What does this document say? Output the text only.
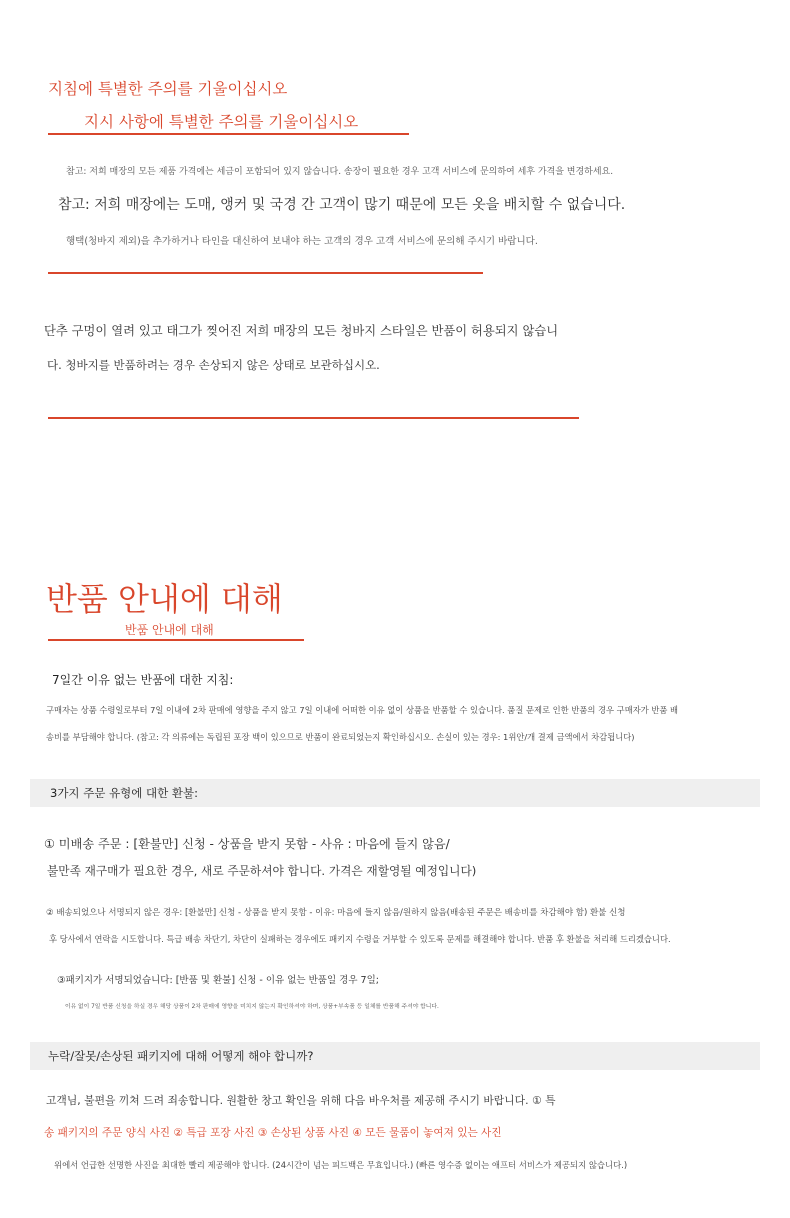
지침에 특별한 주의를 기울이십시오
지시 사항에 특별한 주의를 기울이십시오
참고: 저희 매장의 모든 제품 가격에는 세금이 포함되어 있지 않습니다. 송장이 필요한 경우 고객 서비스에 문의하여 세후 가격을 변경하세요.
참고: 저희 매장에는 도매, 앵커 및 국경 간 고객이 많기 때문에 모든 옷을 배치할 수 없습니다.
행택(청바지 제외)을 추가하거나 타인을 대신하여 보내야 하는 고객의 경우 고객 서비스에 문의해 주시기 바랍니다.
단추 구멍이 열려 있고 태그가 찢어진 저희 매장의 모든 청바지 스타일은 반품이 허용되지 않습니
다. 청바지를 반품하려는 경우 손상되지 않은 상태로 보관하십시오.
반품 안내에 대해
반품 안내에 대해
7일간 이유 없는 반품에 대한 지침:
구매자는 상품 수령일로부터 7일 이내에 2차 판매에 영향을 주지 않고 7일 이내에 어떠한 이유 없이 상품을 반품할 수 있습니다. 품질 문제로 인한 반품의 경우 구매자가 반품 배
송비를 부담해야 합니다. (참고: 각 의류에는 독립된 포장 백이 있으므로 반품이 완료되었는지 확인하십시오. 손실이 있는 경우: 1위안/개 결제 금액에서 차감됩니다)
3가지 주문 유형에 대한 환불:
① 미배송 주문 : [환불만] 신청 - 상품을 받지 못함 - 사유 : 마음에 들지 않음/
불만족 재구매가 필요한 경우, 새로 주문하셔야 합니다. 가격은 재할영될 예정입니다)
② 배송되었으나 서명되지 않은 경우: [환불만] 신청 - 상품을 받지 못함 - 이유: 마음에 들지 않음/원하지 않음(배송된 주문은 배송비를 차감해야 함) 환불 신청
후 당사에서 연락을 시도합니다. 특급 배송 차단기, 차단이 실패하는 경우에도 패키지 수령을 거부할 수 있도록 문제를 해결해야 합니다. 반품 후 환불을 처리해 드리겠습니다.
③패키지가 서명되었습니다: [반품 및 환불] 신청 - 이유 없는 반품일 경우 7일;
이유 없이 7일 반품 신청을 하실 경우 해당 상품이 2차 판매에 영향을 미치지 않는지 확인하셔야 하며, 상품+부속품 등 일체를 반품해 주셔야 합니다.
누락/잘못/손상된 패키지에 대해 어떻게 해야 합니까?
고객님, 불편을 끼쳐 드려 죄송합니다. 원활한 창고 확인을 위해 다음 바우처를 제공해 주시기 바랍니다. ① 특
송 패키지의 주문 양식 사진 ② 특급 포장 사진 ③ 손상된 상품 사진 ④ 모든 물품이 놓여져 있는 사진
위에서 언급한 선명한 사진을 최대한 빨리 제공해야 합니다. (24시간이 넘는 피드백은 무효입니다.) (빠른 영수증 없이는 애프터 서비스가 제공되지 않습니다.)
